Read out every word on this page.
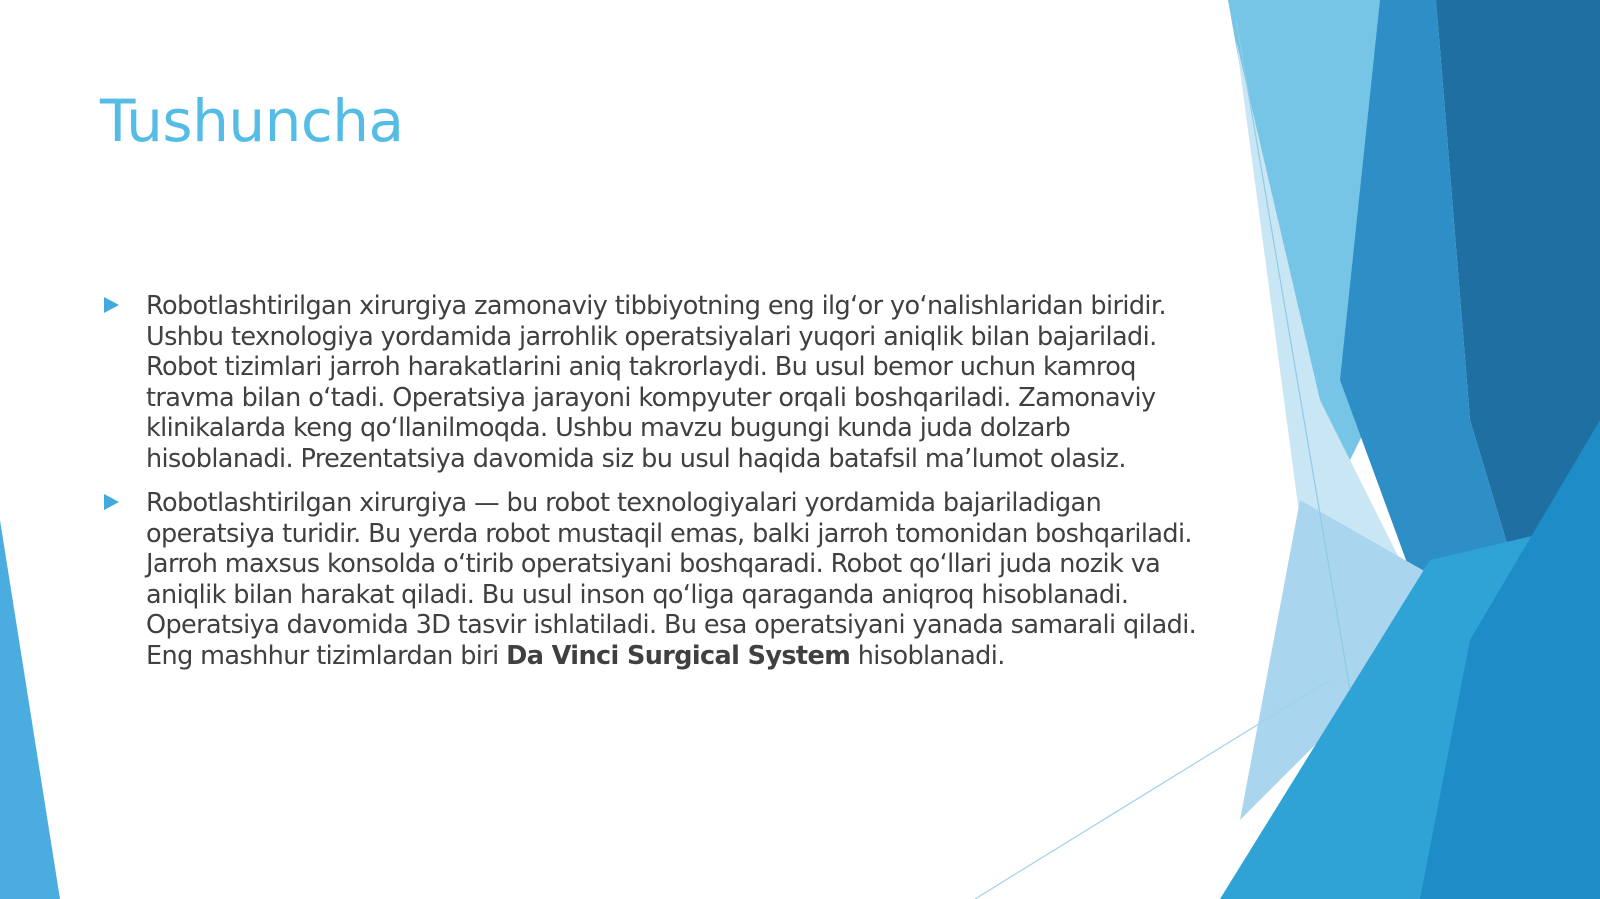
Tushuncha
Robotlashtirilgan xirurgiya zamonaviy tibbiyotning eng ilg‘or yo‘nalishlaridan biridir. Ushbu texnologiya yordamida jarrohlik operatsiyalari yuqori aniqlik bilan bajariladi. Robot tizimlari jarroh harakatlarini aniq takrorlaydi. Bu usul bemor uchun kamroq travma bilan o‘tadi. Operatsiya jarayoni kompyuter orqali boshqariladi. Zamonaviy klinikalarda keng qo‘llanilmoqda. Ushbu mavzu bugungi kunda juda dolzarb hisoblanadi. Prezentatsiya davomida siz bu usul haqida batafsil ma’lumot olasiz.
Robotlashtirilgan xirurgiya — bu robot texnologiyalari yordamida bajariladigan operatsiya turidir. Bu yerda robot mustaqil emas, balki jarroh tomonidan boshqariladi. Jarroh maxsus konsolda o‘tirib operatsiyani boshqaradi. Robot qo‘llari juda nozik va aniqlik bilan harakat qiladi. Bu usul inson qo‘liga qaraganda aniqroq hisoblanadi. Operatsiya davomida 3D tasvir ishlatiladi. Bu esa operatsiyani yanada samarali qiladi. Eng mashhur tizimlardan biri Da Vinci Surgical System hisoblanadi.
